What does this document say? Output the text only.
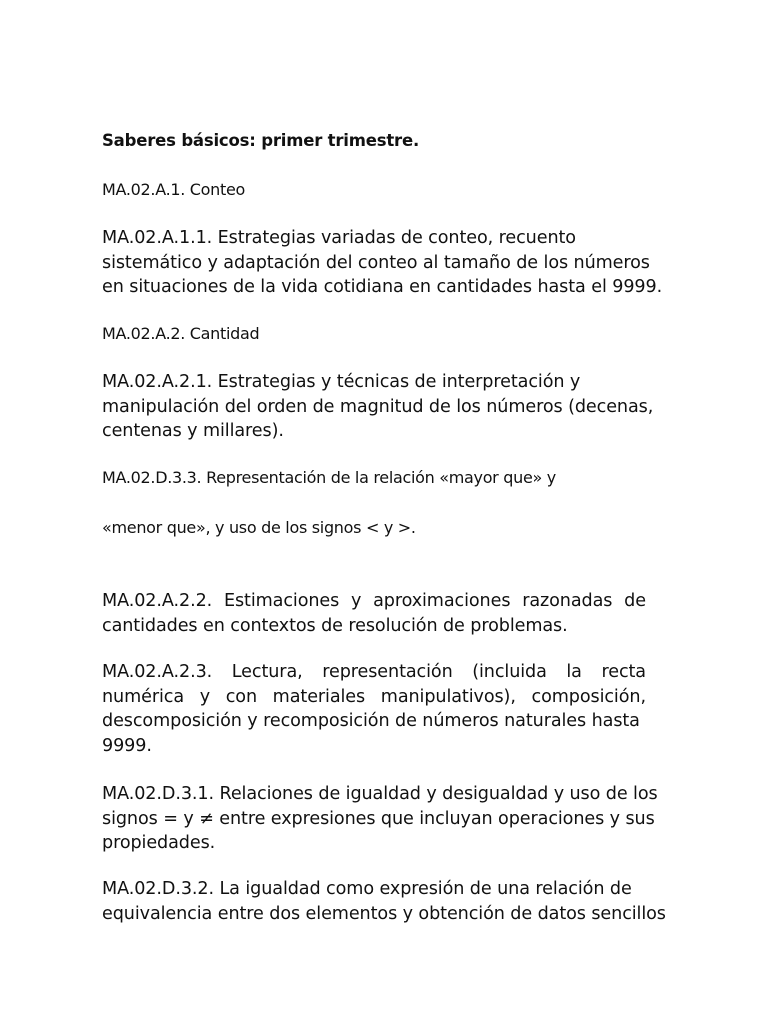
Saberes básicos: primer trimestre.

MA.02.A.1. Conteo

MA.02.A.1.1. Estrategias variadas de conteo, recuento
sistemático y adaptación del conteo al tamaño de los números
en situaciones de la vida cotidiana en cantidades hasta el 9999.

MA.02.A.2. Cantidad

MA.02.A.2.1. Estrategias y técnicas de interpretación y
manipulación del orden de magnitud de los números (decenas,
centenas y millares).

MA.02.D.3.3. Representación de la relación «mayor que» y

«menor que», y uso de los signos < y >.

MA.02.A.2.2. Estimaciones y aproximaciones razonadas de
cantidades en contextos de resolución de problemas.
MA.02.A.2.3. Lectura, representación (incluida la recta
numérica y con materiales manipulativos), composición,
descomposición y recomposición de números naturales hasta
9999.
MA.02.D.3.1. Relaciones de igualdad y desigualdad y uso de los
signos = y ≠ entre expresiones que incluyan operaciones y sus
propiedades.
MA.02.D.3.2. La igualdad como expresión de una relación de
equivalencia entre dos elementos y obtención de datos sencillos
